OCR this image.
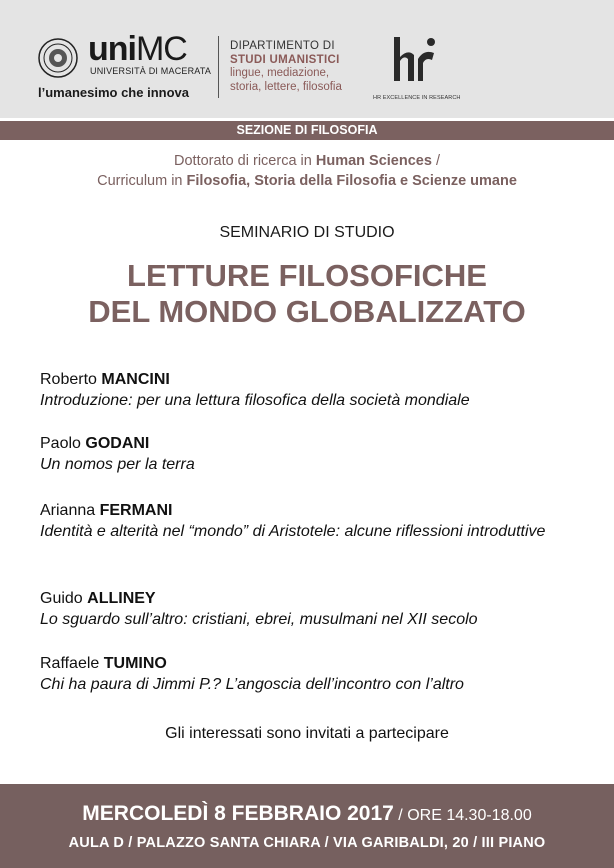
uniMC
UNIVERSITÀ DI MACERATA
l’umanesimo che innova
DIPARTIMENTO DI
STUDI UMANISTICI
lingue, mediazione,
storia, lettere, filosofia
HR EXCELLENCE IN RESEARCH
SEZIONE DI FILOSOFIA
Dottorato di ricerca in Human Sciences /
Curriculum in Filosofia, Storia della Filosofia e Scienze umane
SEMINARIO DI STUDIO
LETTURE FILOSOFICHE
DEL MONDO GLOBALIZZATO
Roberto MANCINI
Introduzione: per una lettura filosofica della società mondiale
Paolo GODANI
Un nomos per la terra
Arianna FERMANI
Identità e alterità nel “mondo” di Aristotele: alcune riflessioni introduttive
Guido ALLINEY
Lo sguardo sull’altro: cristiani, ebrei, musulmani nel XII secolo
Raffaele TUMINO
Chi ha paura di Jimmi P.? L’angoscia dell’incontro con l’altro
Gli interessati sono invitati a partecipare
MERCOLEDÌ 8 FEBBRAIO 2017 / ORE 14.30-18.00
AULA D / PALAZZO SANTA CHIARA / VIA GARIBALDI, 20 / III PIANO
